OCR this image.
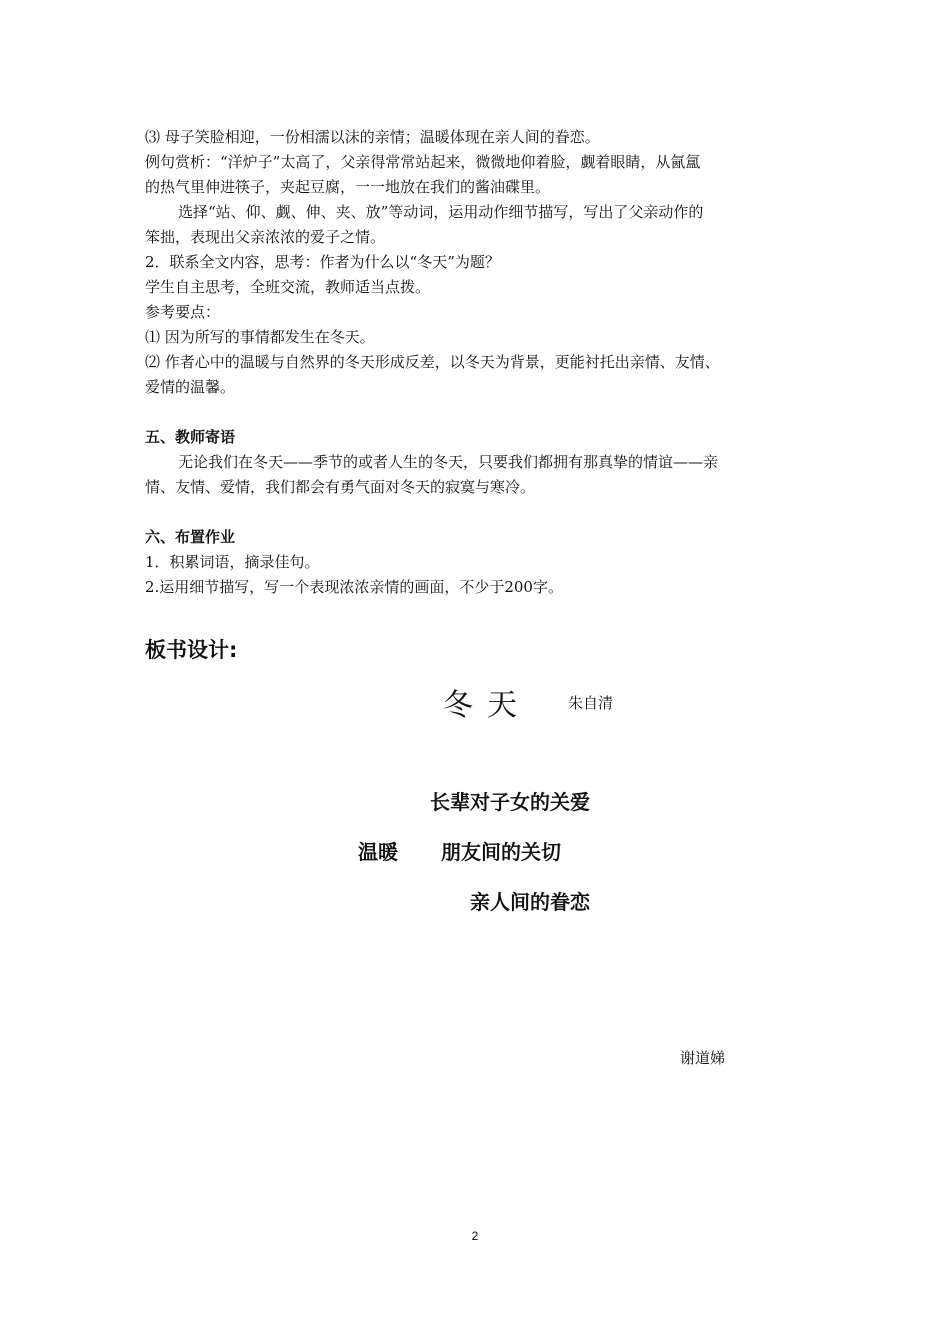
⑶ 母子笑脸相迎，一份相濡以沫的亲情；温暖体现在亲人间的眷恋。

例句赏析：“洋炉子”太高了，父亲得常常站起来，微微地仰着脸，觑着眼睛，从氤氲

的热气里伸进筷子，夹起豆腐，一一地放在我们的酱油碟里。

选择“站、仰、觑、伸、夹、放”等动词，运用动作细节描写，写出了父亲动作的

笨拙，表现出父亲浓浓的爱子之情。

2．联系全文内容，思考：作者为什么以“冬天”为题？

学生自主思考，全班交流，教师适当点拨。

参考要点：

⑴ 因为所写的事情都发生在冬天。

⑵ 作者心中的温暖与自然界的冬天形成反差，以冬天为背景，更能衬托出亲情、友情、

爱情的温馨。

五、教师寄语

无论我们在冬天——季节的或者人生的冬天，只要我们都拥有那真挚的情谊——亲

情、友情、爱情，我们都会有勇气面对冬天的寂寞与寒冷。

六、布置作业

1．积累词语，摘录佳句。

2.运用细节描写，写一个表现浓浓亲情的画面，不少于200字。

板书设计:

冬天 朱自清

长辈对子女的关爱

温暖 朋友间的关切

亲人间的眷恋

谢道娣

2
